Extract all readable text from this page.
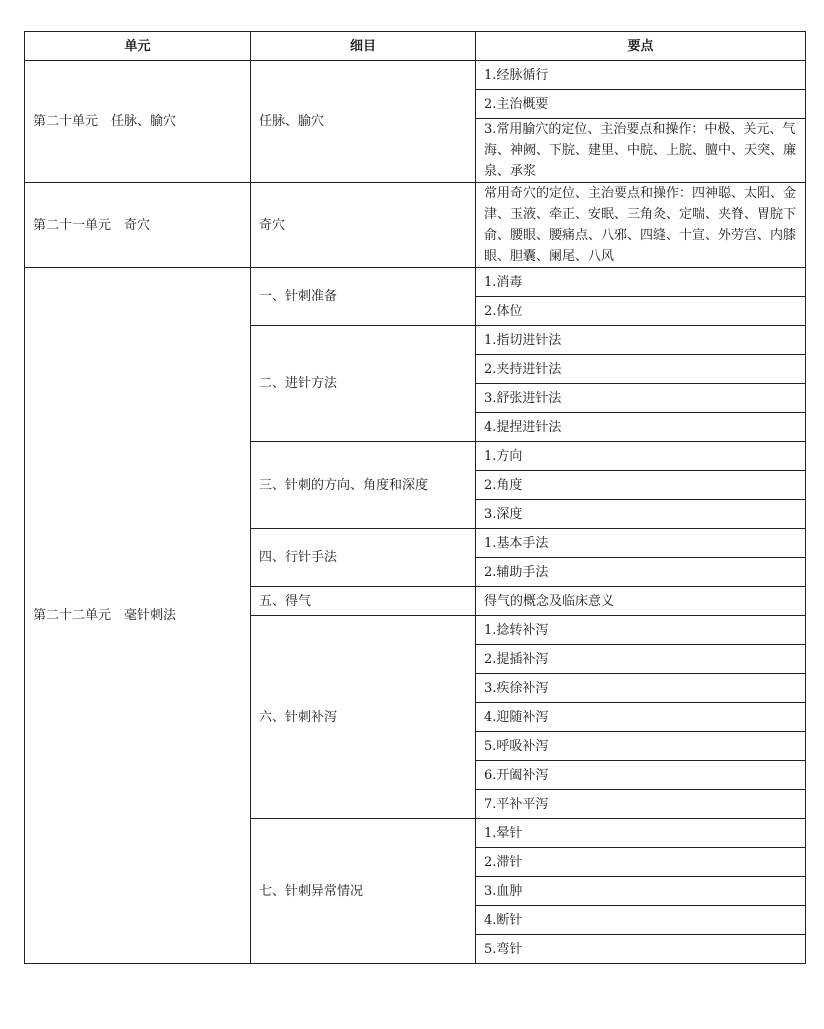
单元	细目	要点
第二十单元　任脉、腧穴	任脉、腧穴	1.经脉循行
		2.主治概要
		3.常用腧穴的定位、主治要点和操作：中极、关元、气海、神阙、下脘、建里、中脘、上脘、膻中、天突、廉泉、承浆
第二十一单元　奇穴	奇穴	常用奇穴的定位、主治要点和操作：四神聪、太阳、金津、玉液、牵正、安眠、三角灸、定喘、夹脊、胃脘下俞、腰眼、腰痛点、八邪、四缝、十宣、外劳宫、内膝眼、胆囊、阑尾、八风
第二十二单元　毫针刺法	一、针刺准备	1.消毒
		2.体位
	二、进针方法	1.指切进针法
		2.夹持进针法
		3.舒张进针法
		4.提捏进针法
	三、针刺的方向、角度和深度	1.方向
		2.角度
		3.深度
	四、行针手法	1.基本手法
		2.辅助手法
	五、得气	得气的概念及临床意义
	六、针刺补泻	1.捻转补泻
		2.提插补泻
		3.疾徐补泻
		4.迎随补泻
		5.呼吸补泻
		6.开阖补泻
		7.平补平泻
	七、针刺异常情况	1.晕针
		2.滞针
		3.血肿
		4.断针
		5.弯针
